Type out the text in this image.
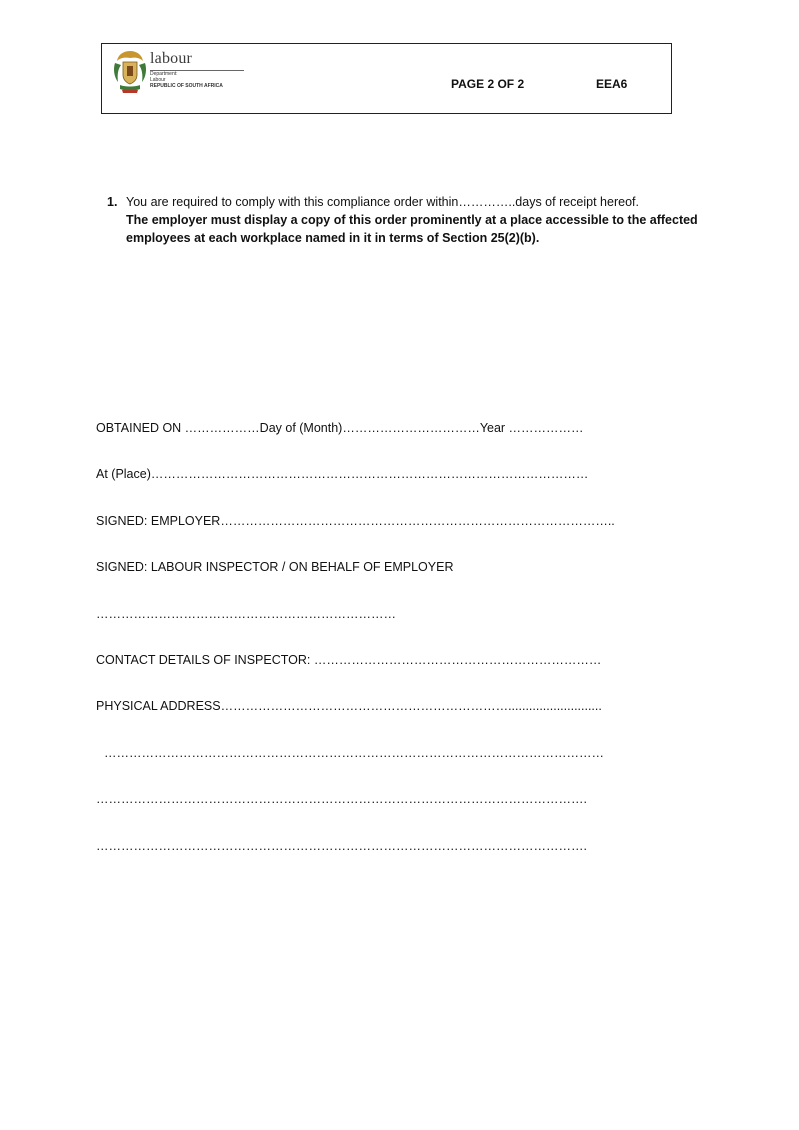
labour
Department:
Labour
REPUBLIC OF SOUTH AFRICA	PAGE 2 OF 2	EEA6
1. You are required to comply with this compliance order within…………..days of receipt hereof.
The employer must display a copy of this order prominently at a place accessible to the affected employees at each workplace named in it in terms of Section 25(2)(b).
OBTAINED ON ………………Day of (Month)……………………………Year ………………
At (Place)……………………………………………………………………………………………
SIGNED: EMPLOYER…………………………………………………………………………………..
SIGNED: LABOUR INSPECTOR / ON BEHALF OF EMPLOYER
………………………………………………………………
CONTACT DETAILS OF INSPECTOR: ……………………………………………………………
PHYSICAL ADDRESS……………………………………………………………...........................
…………………………………………………………………………………………………………
……………………………………………………………………………………………………….
……………………………………………………………………………………………………….
